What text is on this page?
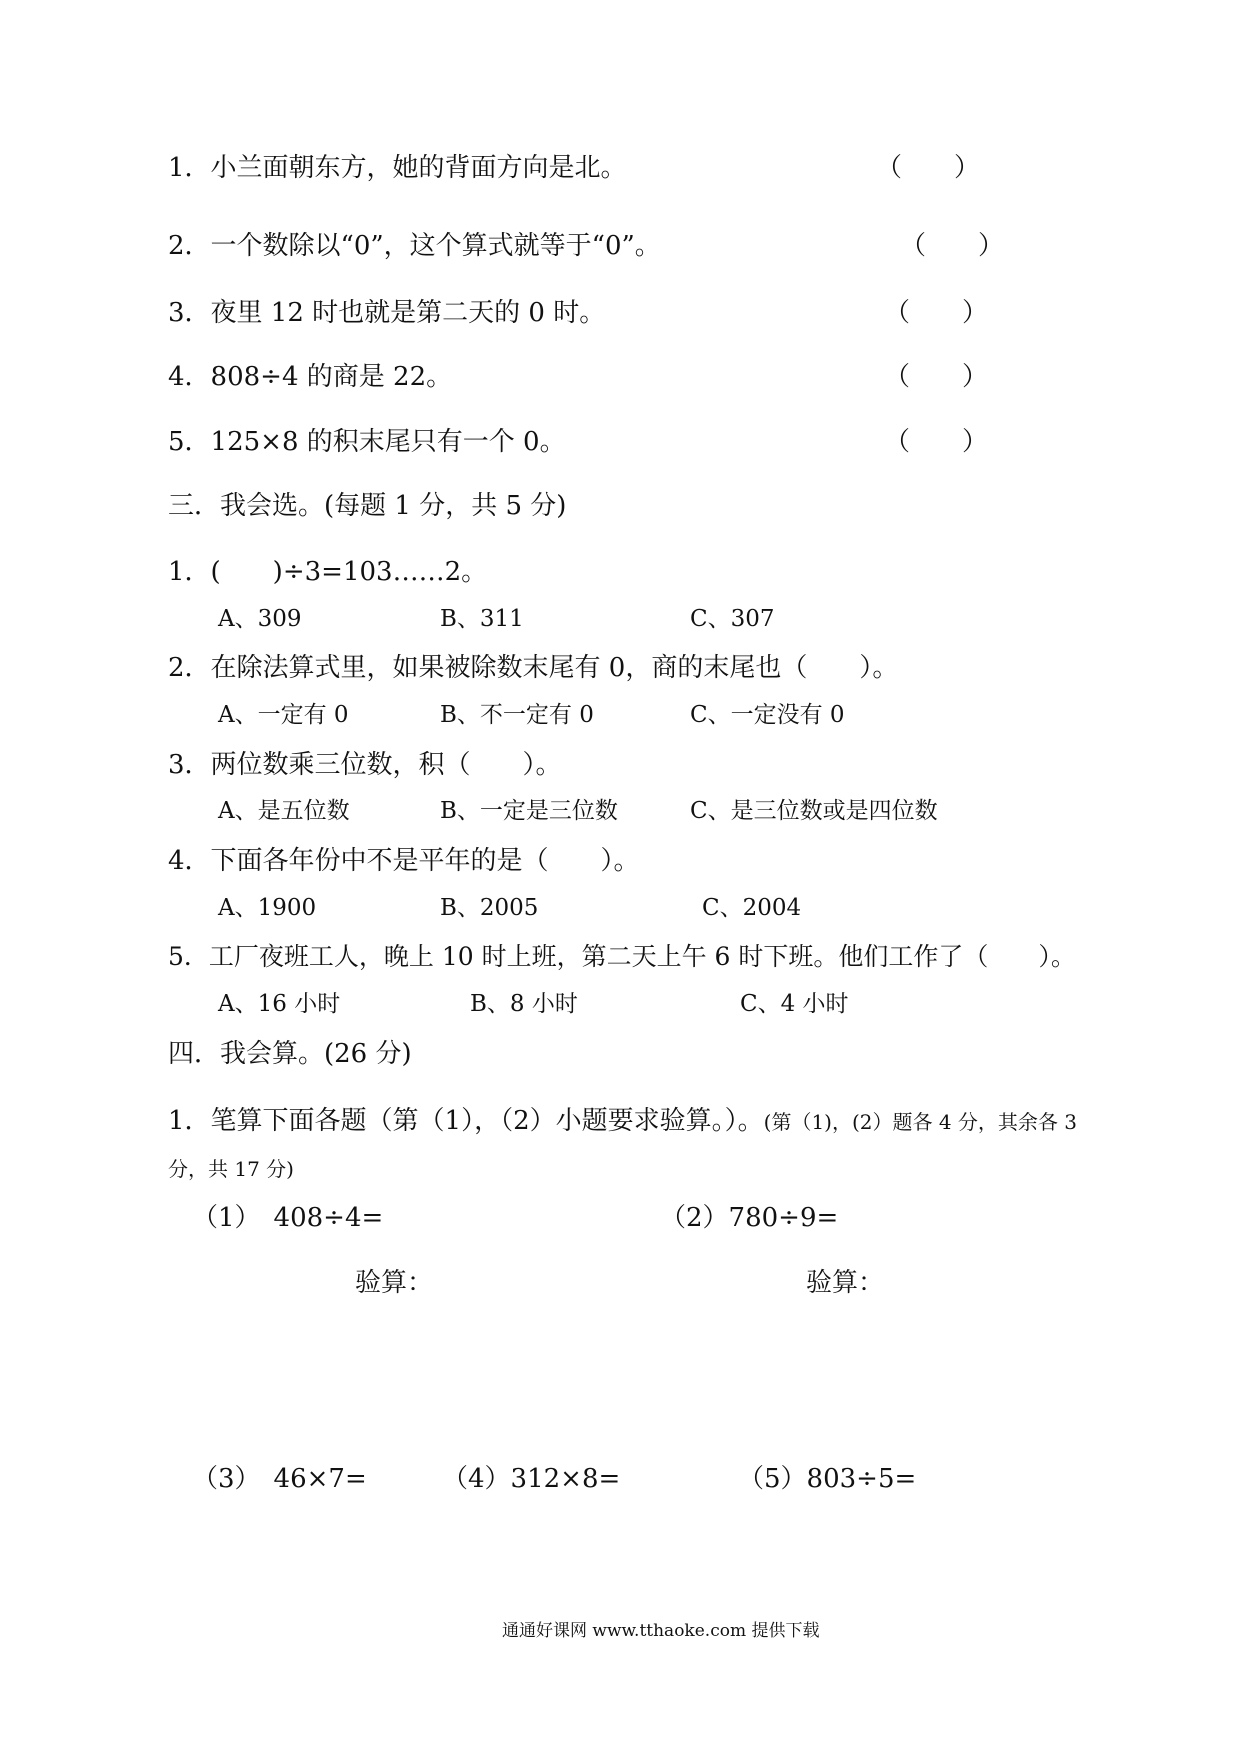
1．小兰面朝东方，她的背面方向是北。	（　　）
2．一个数除以“0”，这个算式就等于“0”。	（　　）
3．夜里 12 时也就是第二天的 0 时。	（　　）
4．808÷4 的商是 22。	（　　）
5．125×8 的积末尾只有一个 0。	（　　）
三．我会选。(每题 1 分，共 5 分)
1．(　　)÷3=103……2。
A、309	B、311	C、307
2．在除法算式里，如果被除数末尾有 0，商的末尾也（　　）。
A、一定有 0	B、不一定有 0	C、一定没有 0
3．两位数乘三位数，积（　　）。
A、是五位数	B、一定是三位数	C、是三位数或是四位数
4．下面各年份中不是平年的是（　　）。
A、1900	B、2005	C、2004
5．工厂夜班工人，晚上 10 时上班，第二天上午 6 时下班。他们工作了（　　）。
A、16 小时	B、8 小时	C、4 小时
四．我会算。(26 分)
1．笔算下面各题（第（1），（2）小题要求验算。）。(第（1)，(2）题各 4 分，其余各 3
分，共 17 分)
（1）　408÷4=	（2）780÷9=
验算：	验算：
（3）　46×7=	（4）312×8=	（5）803÷5=
通通好课网 www.tthaoke.com 提供下载
